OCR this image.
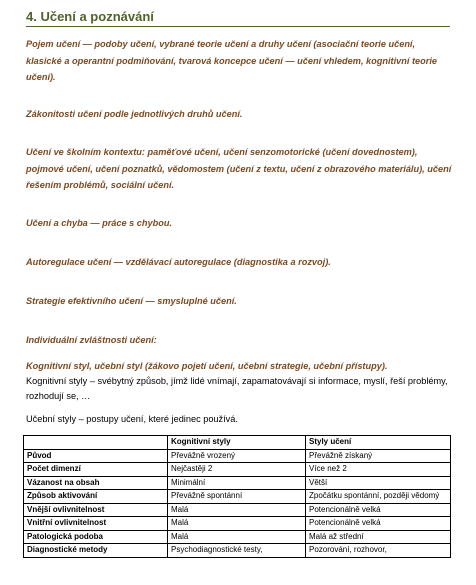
4. Učení a poznávání
Pojem učení — podoby učení, vybrané teorie učení a druhy učení (asociační teorie učení, klasické a operantní podmiňování, tvarová koncepce učení — učení vhledem, kognitivní teorie učení).
Zákonitosti učení podle jednotlivých druhů učení.
Učení ve školním kontextu: paměťové učení, učení senzomotorické (učení dovednostem), pojmové učení, učení poznatků, vědomostem (učení z textu, učení z obrazového materiálu), učení řešením problémů, sociální učení.
Učení a chyba — práce s chybou.
Autoregulace učení — vzdělávací autoregulace (diagnostika a rozvoj).
Strategie efektivního učení — smysluplné učení.
Individuální zvláštnosti učení:
Kognitivní styl, učební styl (žákovo pojetí učení, učební strategie, učební přístupy).
Kognitivní styly – svébytný způsob, jímž lidé vnímají, zapamatovávají si informace, myslí, řeší problémy, rozhodují se, …
Učební styly – postupy učení, které jedinec používá.
	Kognitivní styly	Styly učení
Původ	Převážně vrozený	Převážně získaný
Počet dimenzí	Nejčastěji 2	Více než 2
Vázanost na obsah	Minimální	Větší
Způsob aktivování	Převážně spontánní	Zpočátku spontánní, později vědomý
Vnější ovlivnitelnost	Malá	Potencionálně velká
Vnitřní ovlivnitelnost	Malá	Potencionálně velká
Patologická podoba	Malá	Malá až střední
Diagnostické metody	Psychodiagnostické testy,	Pozorování, rozhovor,
